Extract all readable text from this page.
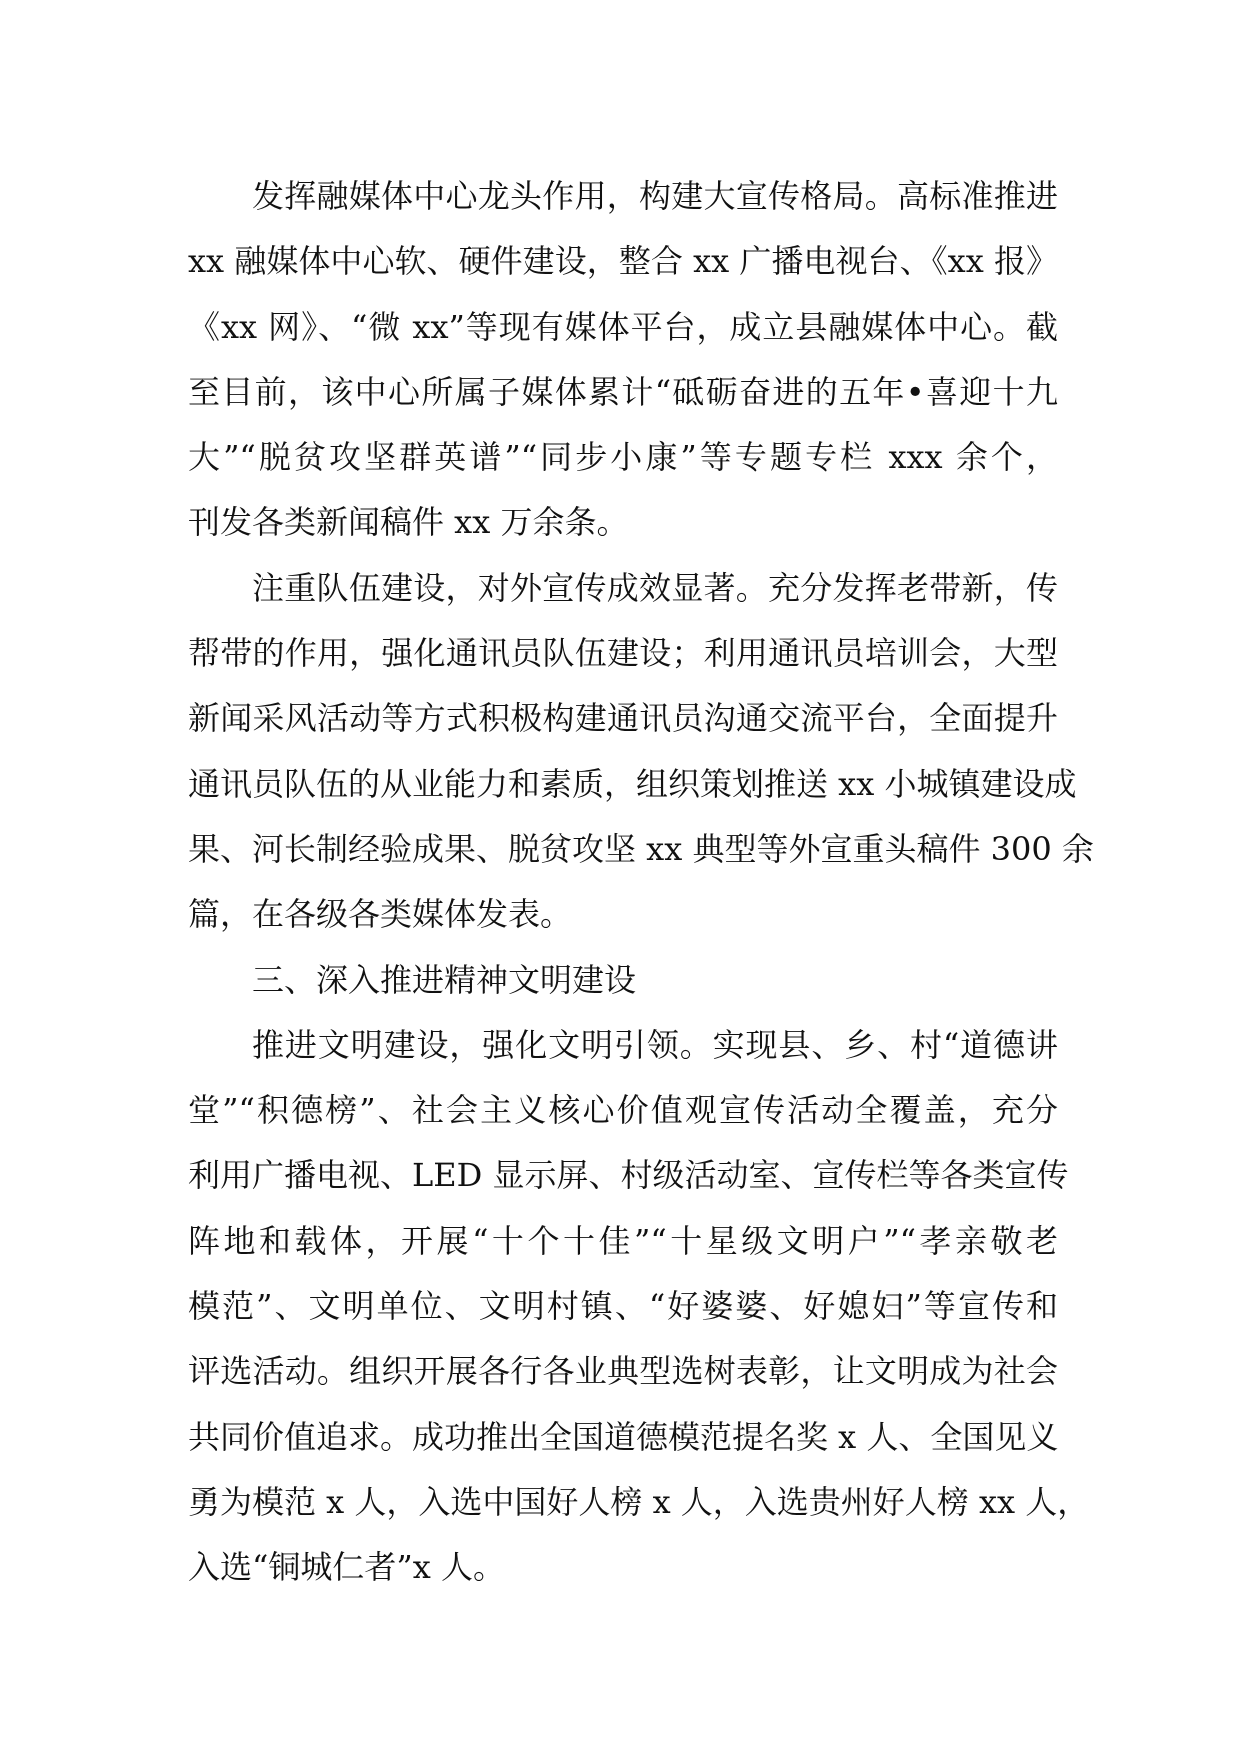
发挥融媒体中心龙头作用，构建大宣传格局。高标准推进
xx 融媒体中心软、硬件建设，整合 xx 广播电视台、《xx 报》
《xx 网》、“微 xx”等现有媒体平台，成立县融媒体中心。截
至目前，该中心所属子媒体累计“砥砺奋进的五年•喜迎十九
大”“脱贫攻坚群英谱”“同步小康”等专题专栏 xxx 余个，
刊发各类新闻稿件 xx 万余条。
注重队伍建设，对外宣传成效显著。充分发挥老带新，传
帮带的作用，强化通讯员队伍建设；利用通讯员培训会，大型
新闻采风活动等方式积极构建通讯员沟通交流平台，全面提升
通讯员队伍的从业能力和素质，组织策划推送 xx 小城镇建设成
果、河长制经验成果、脱贫攻坚 xx 典型等外宣重头稿件 300 余
篇，在各级各类媒体发表。
三、深入推进精神文明建设
推进文明建设，强化文明引领。实现县、乡、村“道德讲
堂”“积德榜”、社会主义核心价值观宣传活动全覆盖，充分
利用广播电视、LED 显示屏、村级活动室、宣传栏等各类宣传
阵地和载体，开展“十个十佳”“十星级文明户”“孝亲敬老
模范”、文明单位、文明村镇、“好婆婆、好媳妇”等宣传和
评选活动。组织开展各行各业典型选树表彰，让文明成为社会
共同价值追求。成功推出全国道德模范提名奖 x 人、全国见义
勇为模范 x 人，入选中国好人榜 x 人，入选贵州好人榜 xx 人，
入选“铜城仁者”x 人。
